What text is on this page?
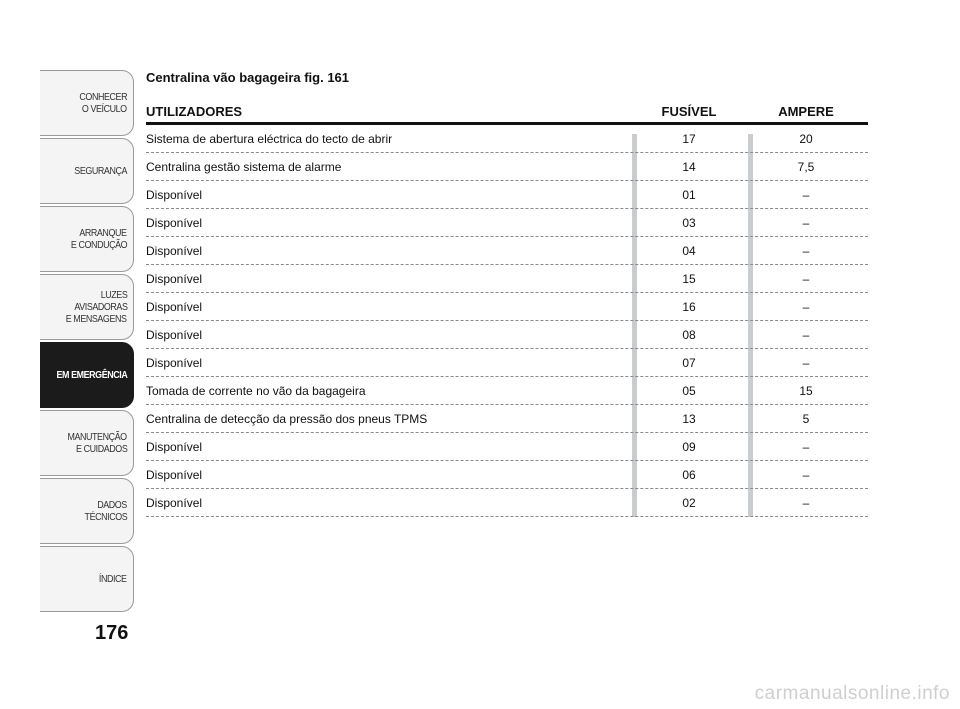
CONHECER
O VEÍCULO
SEGURANÇA
ARRANQUE
E CONDUÇÃO
LUZES
AVISADORAS
E MENSAGENS
EM EMERGÊNCIA
MANUTENÇÃO
E CUIDADOS
DADOS
TÉCNICOS
ÍNDICE
176
Centralina vão bagageira fig. 161
UTILIZADORES	FUSÍVEL	AMPERE
Sistema de abertura eléctrica do tecto de abrir	17	20
Centralina gestão sistema de alarme	14	7,5
Disponível	01	–
Disponível	03	–
Disponível	04	–
Disponível	15	–
Disponível	16	–
Disponível	08	–
Disponível	07	–
Tomada de corrente no vão da bagageira	05	15
Centralina de detecção da pressão dos pneus TPMS	13	5
Disponível	09	–
Disponível	06	–
Disponível	02	–
carmanualsonline.info
